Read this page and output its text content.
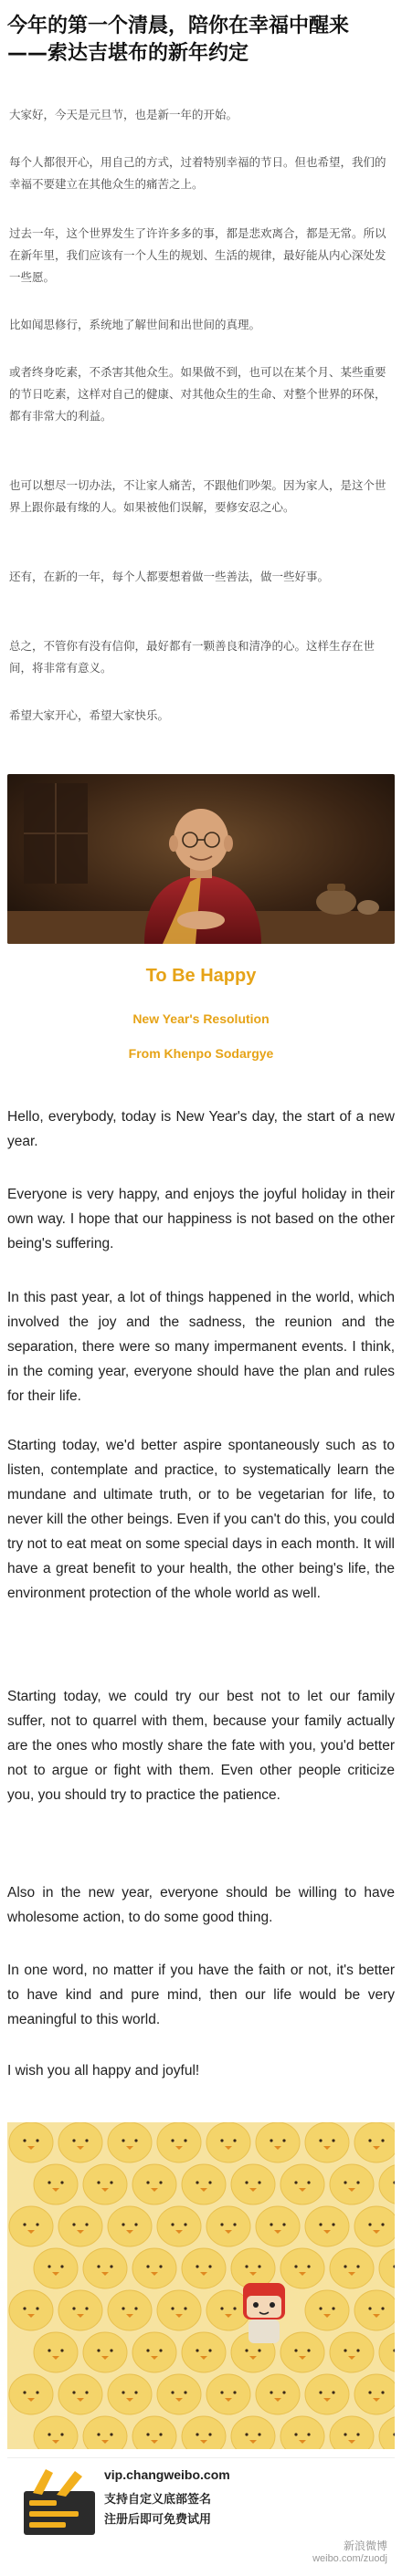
今年的第一个清晨，陪你在幸福中醒来
——索达吉堪布的新年约定

大家好，今天是元旦节，也是新一年的开始。

每个人都很开心，用自己的方式，过着特别幸福的节日。但也希望，我们的幸福不要建立在其他众生的痛苦之上。

过去一年，这个世界发生了许许多多的事，都是悲欢离合，都是无常。所以在新年里，我们应该有一个人生的规划、生活的规律，最好能从内心深处发一些愿。

比如闻思修行，系统地了解世间和出世间的真理。

或者终身吃素，不杀害其他众生。如果做不到，也可以在某个月、某些重要的节日吃素，这样对自己的健康、对其他众生的生命、对整个世界的环保，都有非常大的利益。

也可以想尽一切办法，不让家人痛苦，不跟他们吵架。因为家人，是这个世界上跟你最有缘的人。如果被他们误解，要修安忍之心。

还有，在新的一年，每个人都要想着做一些善法，做一些好事。

总之，不管你有没有信仰，最好都有一颗善良和清净的心。这样生存在世间，将非常有意义。

希望大家开心，希望大家快乐。

To Be Happy
New Year's Resolution
From Khenpo Sodargye

Hello, everybody, today is New Year's day, the start of a new year.

Everyone is very happy, and enjoys the joyful holiday in their own way. I hope that our happiness is not based on the other being's suffering.

In this past year, a lot of things happened in the world, which involved the joy and the sadness, the reunion and the separation, there were so many impermanent events. I think, in the coming year, everyone should have the plan and rules for their life.

Starting today, we'd better aspire spontaneously such as to listen, contemplate and practice, to systematically learn the mundane and ultimate truth, or to be vegetarian for life, to never kill the other beings. Even if you can't do this, you could try not to eat meat on some special days in each month. It will have a great benefit to your health, the other being's life, the environment protection of the whole world as well.

Starting today, we could try our best not to let our family suffer, not to quarrel with them, because your family actually are the ones who mostly share the fate with you, you'd better not to argue or fight with them. Even other people criticize you, you should try to practice the patience.

Also in the new year, everyone should be willing to have wholesome action, to do some good thing.

In one word, no matter if you have the faith or not, it's better to have kind and pure mind, then our life would be very meaningful to this world.

I wish you all happy and joyful!

vip.changweibo.com
支持自定义底部签名
注册后即可免费试用
新浪微博
weibo.com/zuodj
